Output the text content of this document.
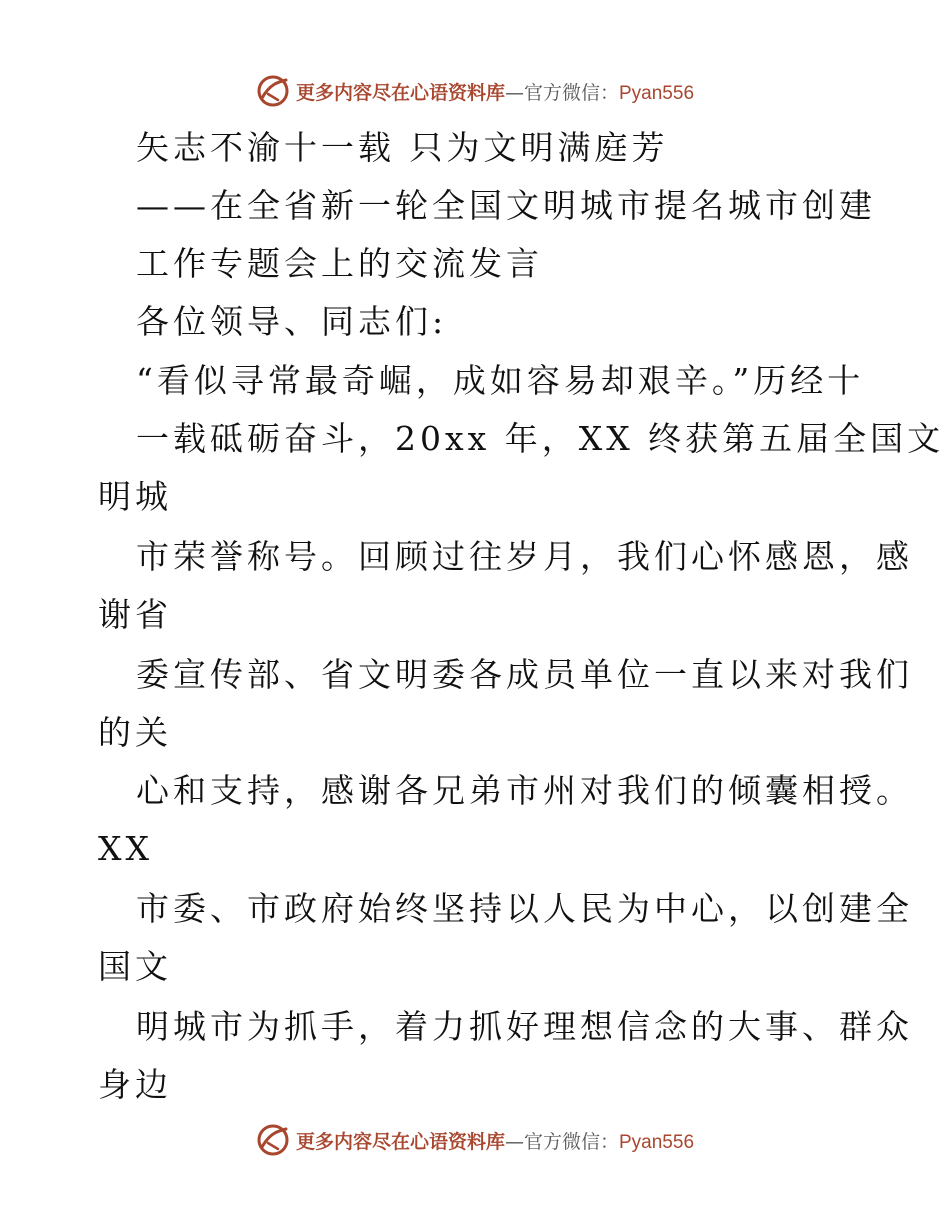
更多内容尽在心语资料库 — 官方微信： Pyan556
矢志不渝十一载 只为文明满庭芳
——在全省新一轮全国文明城市提名城市创建
工作专题会上的交流发言
各位领导、同志们:
“看似寻常最奇崛，成如容易却艰辛。”历经十
一载砥砺奋斗，20xx 年，XX 终获第五届全国文
明城
市荣誉称号。回顾过往岁月，我们心怀感恩，感
谢省
委宣传部、省文明委各成员单位一直以来对我们
的关
心和支持，感谢各兄弟市州对我们的倾囊相授。
XX
市委、市政府始终坚持以人民为中心，以创建全
国文
明城市为抓手，着力抓好理想信念的大事、群众
身边
更多内容尽在心语资料库 — 官方微信： Pyan556
